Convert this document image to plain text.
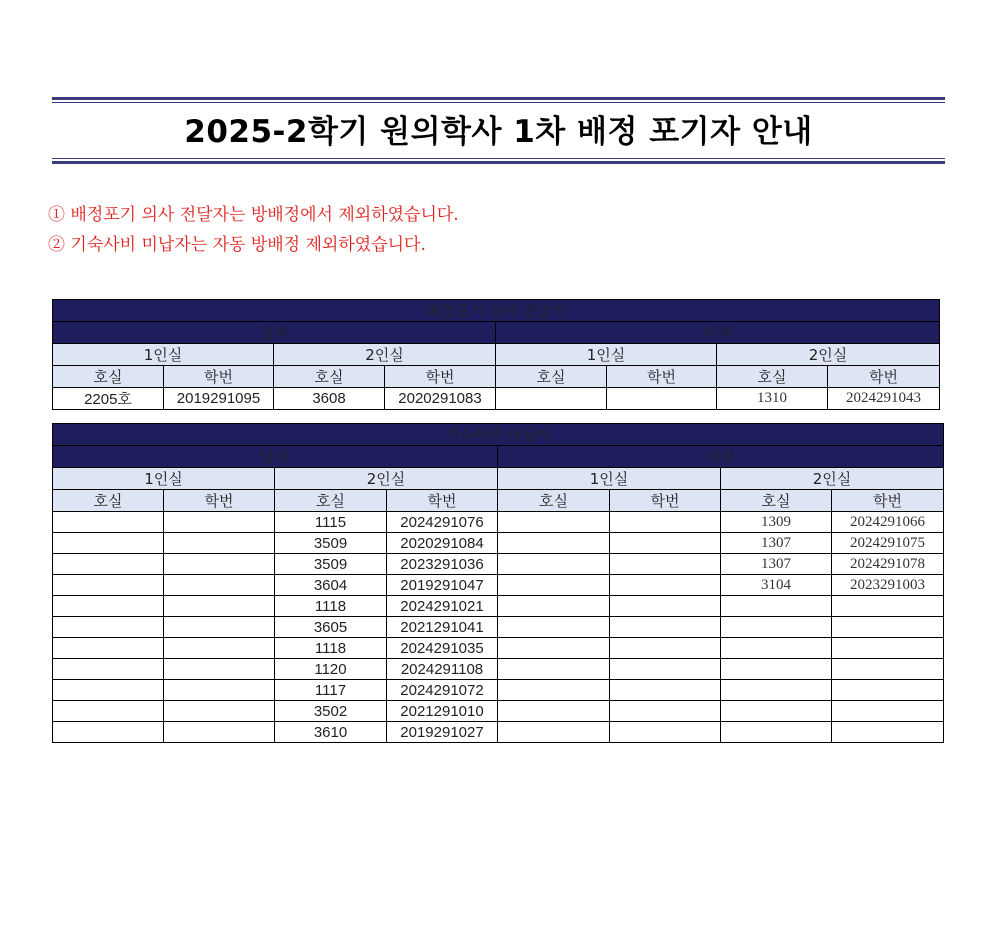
2025-2학기 원의학사 1차 배정 포기자 안내
① 배정포기 의사 전달자는 방배정에서 제외하였습니다.
② 기숙사비 미납자는 자동 방배정 제외하였습니다.
배정포기 의사 전달자							
남자				여자			
1인실		2인실		1인실		2인실	
호실	학번	호실	학번	호실	학번	호실	학번
2205호	2019291095	3608	2020291083			1310	2024291043
기숙사비 미납자							
남자				여자			
1인실		2인실		1인실		2인실	
호실	학번	호실	학번	호실	학번	호실	학번
		1115	2024291076			1309	2024291066
		3509	2020291084			1307	2024291075
		3509	2023291036			1307	2024291078
		3604	2019291047			3104	2023291003
		1118	2024291021				
		3605	2021291041				
		1118	2024291035				
		1120	2024291108				
		1117	2024291072				
		3502	2021291010				
		3610	2019291027				
